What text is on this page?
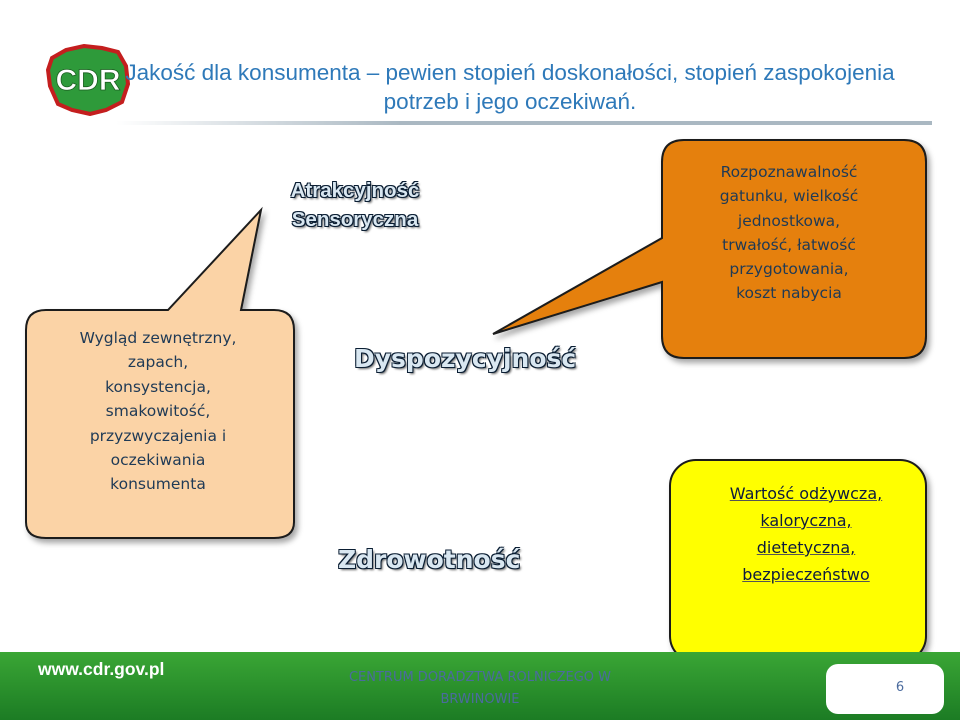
CDR Jakość dla konsumenta – pewien stopień doskonałości, stopień zaspokojenia potrzeb i jego oczekiwań.
Wygląd zewnętrzny,
zapach,
konsystencja,
smakowitość,
przyzwyczajenia i
oczekiwania
konsumenta
Rozpoznawalność
gatunku, wielkość
jednostkowa,
trwałość, łatwość
przygotowania,
koszt nabycia
Wartość odżywcza,
kaloryczna,
dietetyczna,
bezpieczeństwo
Atrakcyjność
Sensoryczna
Dyspozycyjność
Zdrowotność
www.cdr.gov.pl	CENTRUM DORADZTWA ROLNICZEGO W
BRWINOWIE
6
